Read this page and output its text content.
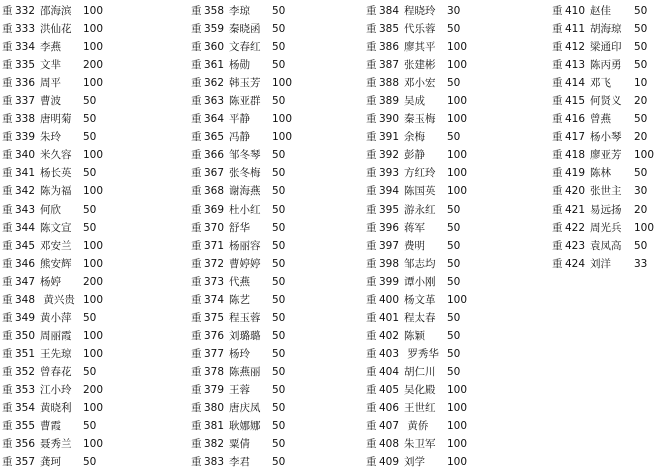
重 332 邵海滨 100
重 333 洪仙花 100
重 334 李燕 100
重 335 文芈 200
重 336 周平 100
重 337 曹波 50
重 338 唐明菊 50
重 339 朱玲 50
重 340 米久容 100
重 341 杨长英 50
重 342 陈为福 100
重 343 何欣 50
重 344 陈文宣 50
重 345 邓安兰 100
重 346 熊安辉 100
重 347 杨婷 200
重 348 黄兴贵 100
重 349 黄小萍 50
重 350 周丽霞 100
重 351 王先琼 100
重 352 曾春花 50
重 353 江小玲 200
重 354 黄晓利 100
重 355 曹霞 50
重 356 聂秀兰 100
重 357 龚珂 50
重 358 李琼 50
重 359 秦晓函 50
重 360 文春红 50
重 361 杨勋 50
重 362 韩玉芳 100
重 363 陈亚群 50
重 364 平静 100
重 365 冯静 100
重 366 邹冬琴 50
重 367 张冬梅 50
重 368 谢海燕 50
重 369 杜小红 50
重 370 舒华 50
重 371 杨丽容 50
重 372 曹婷婷 50
重 373 代燕 50
重 374 陈艺 50
重 375 程玉蓉 50
重 376 刘璐璐 50
重 377 杨玲 50
重 378 陈燕丽 50
重 379 王蓉 50
重 380 唐庆凤 50
重 381 耿娜娜 50
重 382 粟倩 50
重 383 李君 50
重 384 程晓玲 30
重 385 代乐蓉 50
重 386 廖其平 100
重 387 张建彬 100
重 388 邓小宏 50
重 389 吴成 100
重 390 秦玉梅 100
重 391 余梅 50
重 392 彭静 100
重 393 方红玲 100
重 394 陈国英 100
重 395 游永红 50
重 396 蒋军 50
重 397 费明 50
重 398 邹志均 50
重 399 谭小刚 50
重 400 杨文革 100
重 401 程太春 50
重 402 陈颖 50
重 403 罗秀华 50
重 404 胡仁川 50
重 405 吴化殿 100
重 406 王世红 100
重 407 黄侨 100
重 408 朱卫军 100
重 409 刘学 100
重 410 赵佳 50
重 411 胡海琼 50
重 412 梁通印 50
重 413 陈丙勇 50
重 414 邓飞 10
重 415 何贤义 20
重 416 曾燕 50
重 417 杨小琴 20
重 418 廖亚芳 100
重 419 陈林 50
重 420 张世主 30
重 421 易远扬 20
重 422 周光兵 100
重 423 袁凤高 50
重 424 刘洋 33
